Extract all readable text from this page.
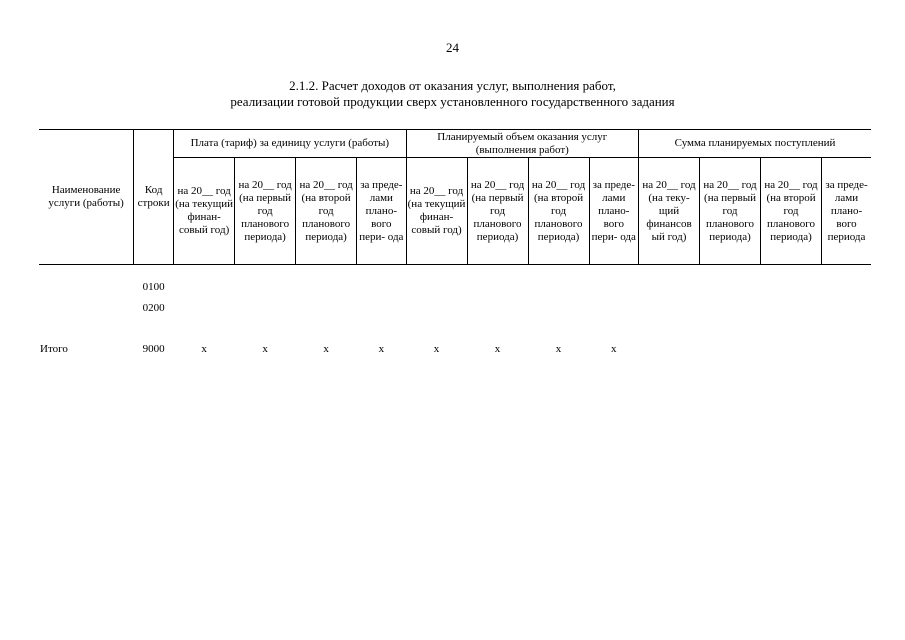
24
2.1.2. Расчет доходов от оказания услуг, выполнения работ,
реализации готовой продукции сверх установленного государственного задания
Наименование услуги (работы)	Код строки	Плата (тариф) за единицу услуги (работы)				Планируемый объем оказания услуг (выполнения работ)				Сумма планируемых поступлений			
		на 20__ год (на текущий финан- совый год)	на 20__ год (на первый год планового периода)	на 20__ год (на второй год планового периода)	за преде- лами плано- вого пери- ода	на 20__ год (на текущий финан- совый год)	на 20__ год (на первый год планового периода)	на 20__ год (на второй год планового периода)	за преде- лами плано- вого пери- ода	на 20__ год (на теку- щий финансов ый год)	на 20__ год (на первый год планового периода)	на 20__ год (на второй год планового периода)	за преде- лами плано- вого периода
	0100												
	0200												

Итого	9000	x	x	x	x	x	x	x	x				
